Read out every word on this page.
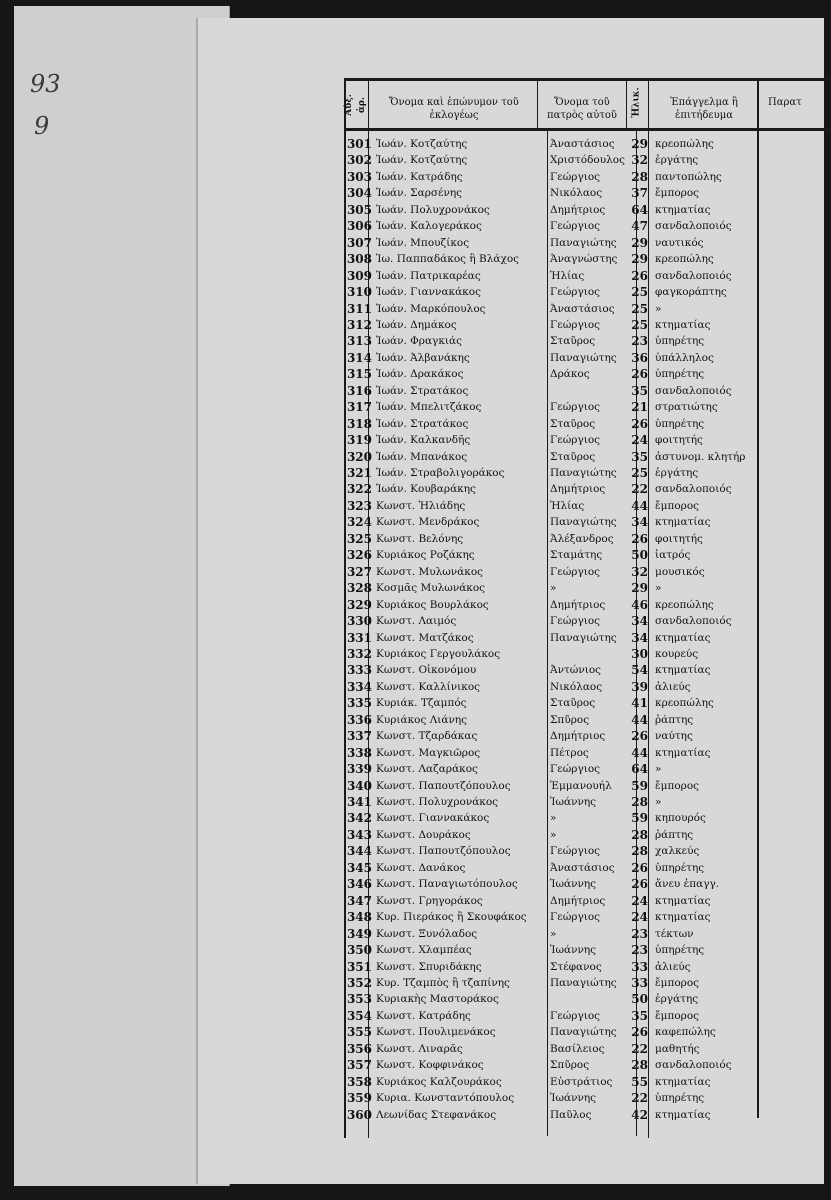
93
9
Αὐξ. ἀρ.	Ὄνομα καὶ ἐπώνυμον τοῦ ἐκλογέως
Ὄνομα τοῦ πατρὸς αὐτοῦ	Ἡλικ.	Ἐπάγγελμα ἢ ἐπιτήδευμα
Παρατ
301 Ἰωάν. Κοτζαύτης	Ἀναστάσιος	29 κρεοπώλης
302 Ἰωάν. Κοτζαύτης	Χριστόδουλος 32 ἐργάτης
303 Ἰωάν. Κατράδης	Γεώργιος	28 παντοπώλης
304 Ἰωάν. Σαρσένης	Νικόλαος	37 ἔμπορος
305 Ἰωάν. Πολυχρονάκος	Δημήτριος	64 κτηματίας
306 Ἰωάν. Καλογεράκος	Γεώργιος	47 σανδαλοποιός
307 Ἰωάν. Μπουζίκος	Παναγιώτης	29 ναυτικός
308 Ἰω. Παππαδάκος ἢ Βλάχος	Ἀναγνώστης	29 κρεοπώλης
309 Ἰωάν. Πατρικαρέας	Ἠλίας	26 σανδαλοποιός
310 Ἰωάν. Γιαννακάκος	Γεώργιος	25 φαγκοράπτης
311 Ἰωάν. Μαρκόπουλος	Ἀναστάσιος	25 »
312 Ἰωάν. Δημάκος	Γεώργιος	25 κτηματίας
313 Ἰωάν. Φραγκιάς	Σταῦρος	23 ὑπηρέτης
314 Ἰωάν. Ἀλβανάκης	Παναγιώτης	36 ὑπάλληλος
315 Ἰωάν. Δρακάκος	Δράκος	26 ὑπηρέτης
316 Ἰωάν. Στρατάκος	35 σανδαλοποιός
317 Ἰωάν. Μπελιτζάκος	Γεώργιος	21 στρατιώτης
318 Ἰωάν. Στρατάκος	Σταῦρος	26 ὑπηρέτης
319 Ἰωάν. Καλκανδῆς	Γεώργιος	24 φοιτητής
320 Ἰωάν. Μπανάκος	Σταῦρος	35 ἀστυνομ. κλητήρ
321 Ἰωάν. Στραβολιγοράκος	Παναγιώτης	25 ἐργάτης
322 Ἰωάν. Κουβαράκης	Δημήτριος	22 σανδαλοποιός
323 Κωνστ. Ἠλιάδης	Ἠλίας	44 ἔμπορος
324 Κωνστ. Μενδράκος	Παναγιώτης	34 κτηματίας
325 Κωνστ. Βελόνης	Ἀλέξανδρος	26 φοιτητής
326 Κυριάκος Ροζάκης	Σταμάτης	50 ἰατρός
327 Κωνστ. Μυλωνάκος	Γεώργιος	32 μουσικός
328 Κοσμᾶς Μυλωνάκος	»	29 »
329 Κυριάκος Βουρλάκος	Δημήτριος	46 κρεοπώλης
330 Κωνστ. Λαιμός	Γεώργιος	34 σανδαλοποιός
331 Κωνστ. Ματζάκος	Παναγιώτης	34 κτηματίας
332 Κυριάκος Γεργουλάκος	30 κουρεύς
333 Κωνστ. Οἰκονόμου	Ἀντώνιος	54 κτηματίας
334 Κωνστ. Καλλίνικος	Νικόλαος	39 ἁλιεύς
335 Κυριάκ. Τζαμπός	Σταῦρος	41 κρεοπώλης
336 Κυριάκος Λιάνης	Σπῦρος	44 ῥάπτης
337 Κωνστ. Τζαρδάκας	Δημήτριος	26 ναύτης
338 Κωνστ. Μαγκιῶρος	Πέτρος	44 κτηματίας
339 Κωνστ. Λαζαράκος	Γεώργιος	64 »
340 Κωνστ. Παπουτζόπουλος	Ἐμμανουήλ	59 ἔμπορος
341 Κωνστ. Πολυχρονάκος	Ἰωάννης	28 »
342 Κωνστ. Γιαννακάκος	»	59 κηπουρός
343 Κωνστ. Δουράκος	»	28 ῥάπτης
344 Κωνστ. Παπουτζόπουλος	Γεώργιος	28 χαλκεύς
345 Κωνστ. Δανάκος	Ἀναστάσιος	26 ὑπηρέτης
346 Κωνστ. Παναγιωτόπουλος	Ἰωάννης	26 ἄνευ ἐπαγγ.
347 Κωνστ. Γρηγοράκος	Δημήτριος	24 κτηματίας
348 Κυρ. Πιεράκος ἢ Σκουφάκος	Γεώργιος	24 κτηματίας
349 Κωνστ. Ξυνόλαδος	»	23 τέκτων
350 Κωνστ. Χλαμπέας	Ἰωάννης	23 ὑπηρέτης
351 Κωνστ. Σπυριδάκης	Στέφανος	33 ἁλιεύς
352 Κυρ. Τζαμπὸς ἢ τζαπίνης	Παναγιώτης	33 ἔμπορος
353 Κυριακὴς Μαστοράκος	50 ἐργάτης
354 Κωνστ. Κατράδης	Γεώργιος	35 ἔμπορος
355 Κωνστ. Πουλιμενάκος	Παναγιώτης	26 καφεπώλης
356 Κωνστ. Λιναρᾶς	Βασίλειος	22 μαθητής
357 Κωνστ. Κοφφινάκος	Σπῦρος	28 σανδαλοποιός
358 Κυριάκος Καλζουράκος	Εὐστράτιος	55 κτηματίας
359 Κυρια. Κωνσταντόπουλος	Ἰωάννης	22 ὑπηρέτης
360 Λεωνίδας Στεφανάκος	Παῦλος	42 κτηματίας
